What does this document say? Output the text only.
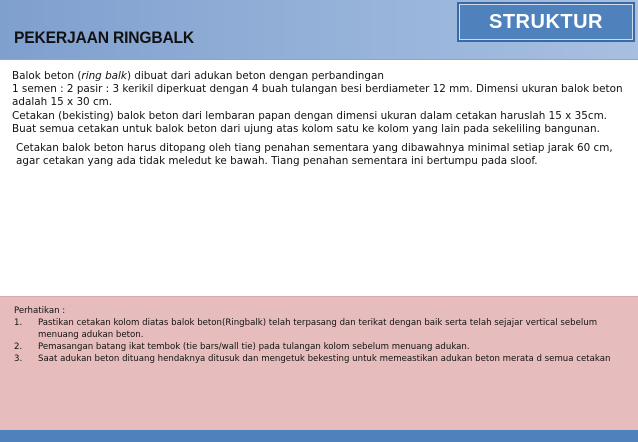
PEKERJAAN RINGBALK
STRUKTUR

Balok beton (ring balk) dibuat dari adukan beton dengan perbandingan
1 semen : 2 pasir : 3 kerikil diperkuat dengan 4 buah tulangan besi berdiameter 12 mm. Dimensi ukuran balok beton adalah 15 x 30 cm.
Cetakan (bekisting) balok beton dari lembaran papan dengan dimensi ukuran dalam cetakan haruslah 15 x 35cm.
Buat semua cetakan untuk balok beton dari ujung atas kolom satu ke kolom yang lain pada sekeliling bangunan.

Cetakan balok beton harus ditopang oleh tiang penahan sementara yang dibawahnya minimal setiap jarak 60 cm, agar cetakan yang ada tidak meledut ke bawah. Tiang penahan sementara ini bertumpu pada sloof.

Perhatikan :
1. Pastikan cetakan kolom diatas balok beton(Ringbalk) telah terpasang dan terikat dengan baik serta telah sejajar vertical sebelum menuang adukan beton.
2. Pemasangan batang ikat tembok (tie bars/wall tie) pada tulangan kolom sebelum menuang adukan.
3. Saat adukan beton dituang hendaknya ditusuk dan mengetuk bekesting untuk memeastikan adukan beton merata d semua cetakan
